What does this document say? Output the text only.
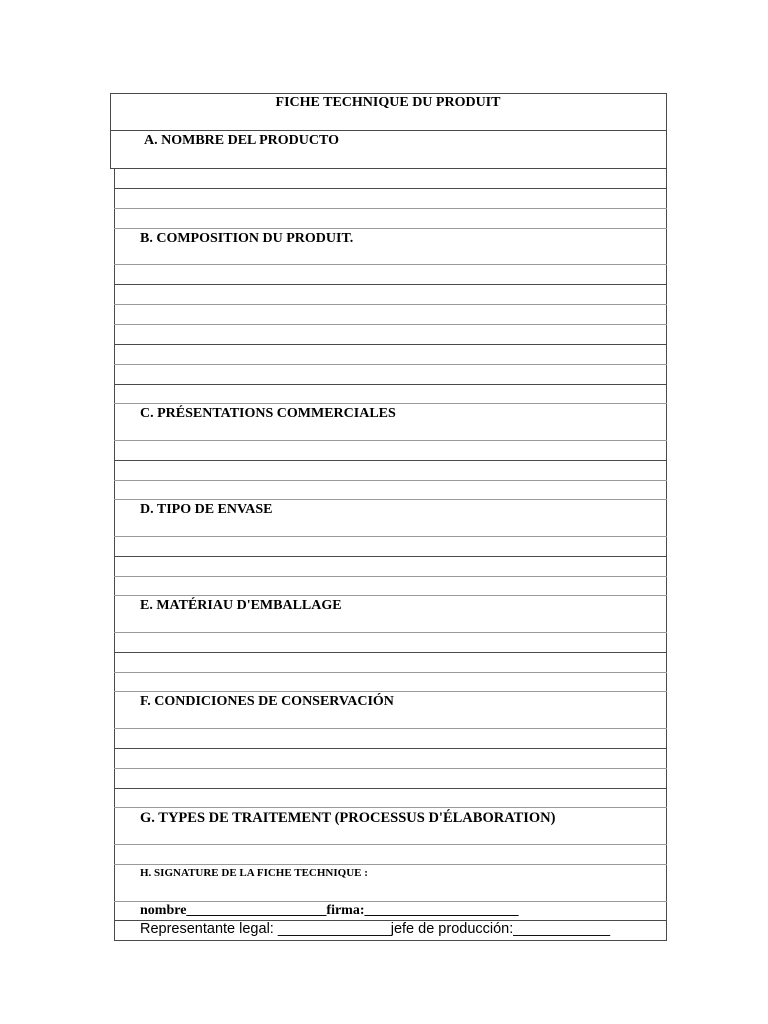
FICHE TECHNIQUE DU PRODUIT
A. NOMBRE DEL PRODUCTO
B. COMPOSITION DU PRODUIT.
C. PRÉSENTATIONS COMMERCIALES
D. TIPO DE ENVASE
E. MATÉRIAU D'EMBALLAGE
F. CONDICIONES DE CONSERVACIÓN
G. TYPES DE TRAITEMENT (PROCESSUS D'ÉLABORATION)
H. SIGNATURE DE LA FICHE TECHNIQUE :
nombre____________________firma:______________________
Representante legal: ______________jefe de producción:____________
